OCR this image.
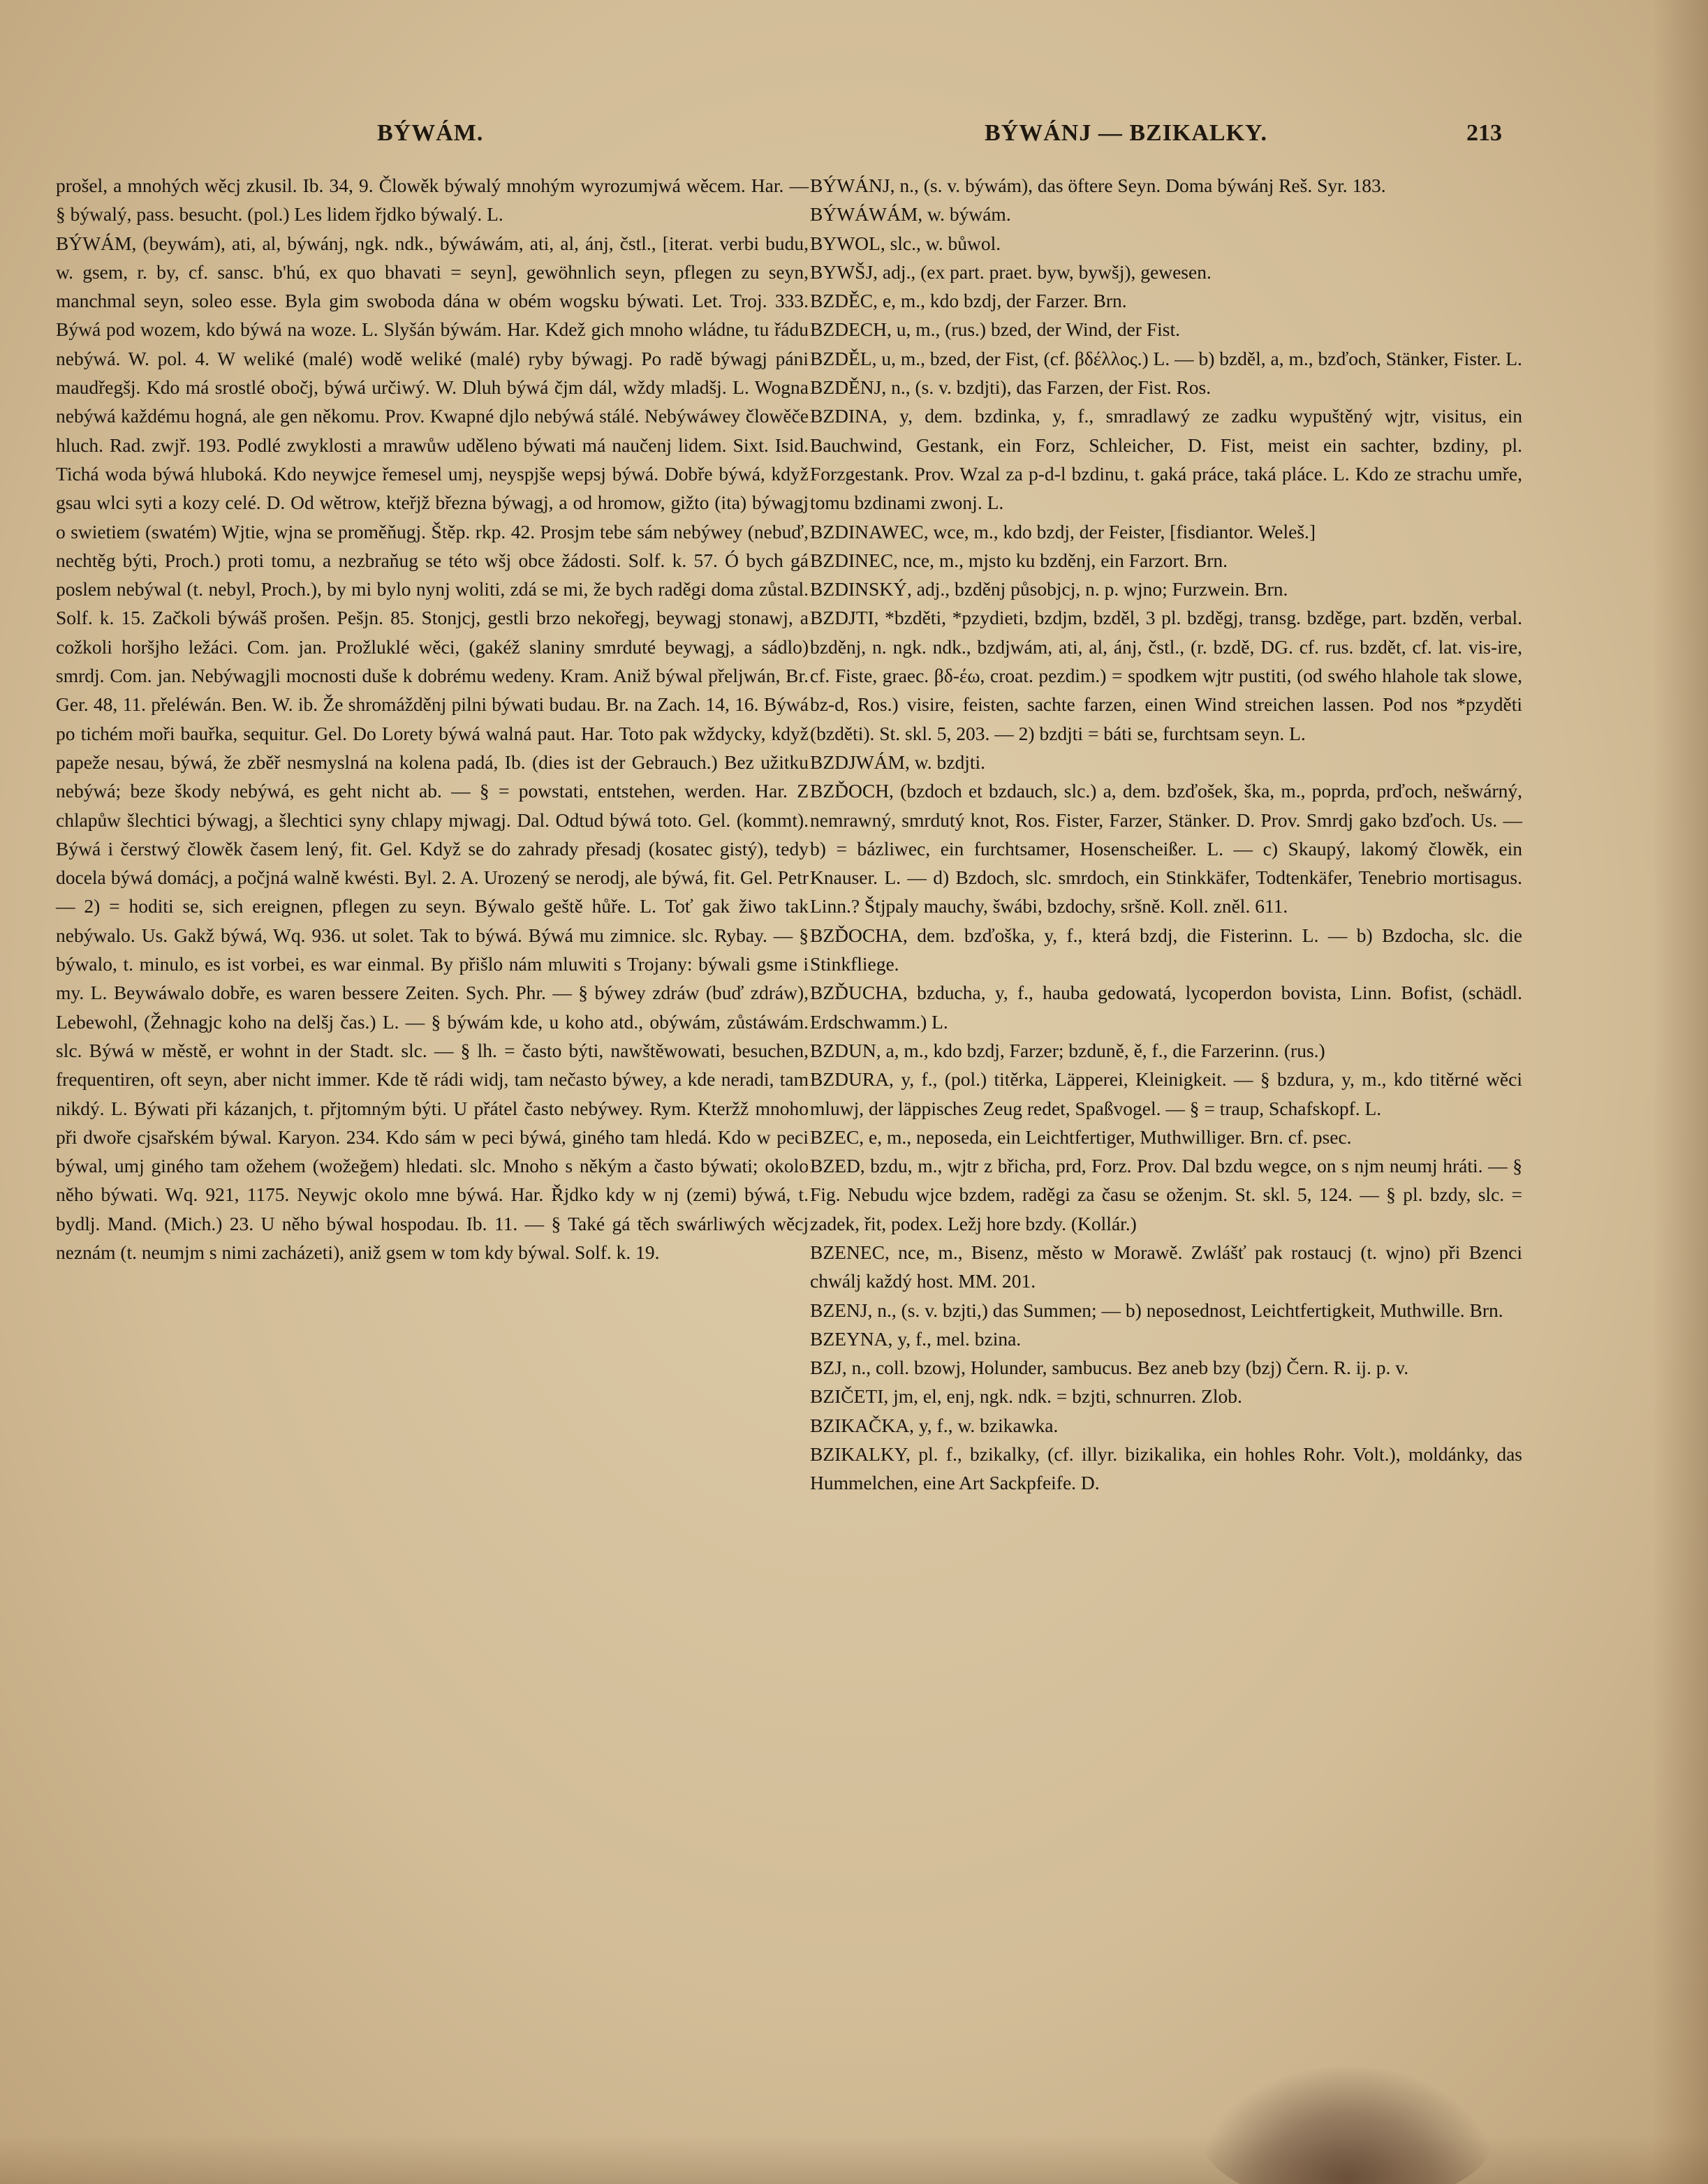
BÝWÁM.	BÝWÁNJ — BZIKALKY.	213

prošel, a mnohých wěcj zkusil. Ib. 34, 9. Člowěk býwalý mnohým wyrozumjwá wěcem. Har. — § býwalý, pass. besucht. (pol.) Les lidem řjdko býwalý. L.

BÝWÁM, (beywám), ati, al, býwánj, ngk. ndk., býwáwám, ati, al, ánj, čstl., [iterat. verbi budu, w. gsem, r. by, cf. sansc. b'hú, ex quo bhavati = seyn], gewöhnlich seyn, pflegen zu seyn, manchmal seyn, soleo esse. Byla gim swoboda dána w obém wogsku býwati. Let. Troj. 333. Býwá pod wozem, kdo býwá na woze. L. Slyšán býwám. Har. Kdež gich mnoho wládne, tu řádu nebýwá. W. pol. 4. W weliké (malé) wodě weliké (malé) ryby býwagj. Po radě býwagj páni maudřegšj. Kdo má srostlé obočj, býwá určiwý. W. Dluh býwá čjm dál, wždy mladšj. L. Wogna nebýwá každému hogná, ale gen někomu. Prov. Kwapné djlo nebýwá stálé. Nebýwáwey člowěče hluch. Rad. zwjř. 193. Podlé zwyklosti a mrawůw uděleno býwati má naučenj lidem. Sixt. Isid. Tichá woda býwá hluboká. Kdo neywjce řemesel umj, neyspjše wepsj býwá. Dobře býwá, když gsau wlci syti a kozy celé. D. Od wětrow, kteřjž března býwagj, a od hromow, gižto (ita) býwagj o swietiem (swatém) Wjtie, wjna se proměňugj. Štěp. rkp. 42. Prosjm tebe sám nebýwey (nebuď, nechtěg býti, Proch.) proti tomu, a nezbraňug se této wšj obce žádosti. Solf. k. 57. Ó bych gá poslem nebýwal (t. nebyl, Proch.), by mi bylo nynj woliti, zdá se mi, že bych raděgi doma zůstal. Solf. k. 15. Začkoli býwáš prošen. Pešjn. 85. Stonjcj, gestli brzo nekořegj, beywagj stonawj, a cožkoli horšjho ležáci. Com. jan. Prožluklé wěci, (gakéž slaniny smrduté beywagj, a sádlo) smrdj. Com. jan. Nebýwagjli mocnosti duše k dobrému wedeny. Kram. Aniž býwal přeljwán, Br. Ger. 48, 11. přeléwán. Ben. W. ib. Že shromážděnj pilni býwati budau. Br. na Zach. 14, 16. Býwá po tichém moři bauřka, sequitur. Gel. Do Lorety býwá walná paut. Har. Toto pak wždycky, když papeže nesau, býwá, že zběř nesmyslná na kolena padá, Ib. (dies ist der Gebrauch.) Bez užitku nebýwá; beze škody nebýwá, es geht nicht ab. — § = powstati, entstehen, werden. Har. Z chlapůw šlechtici býwagj, a šlechtici syny chlapy mjwagj. Dal. Odtud býwá toto. Gel. (kommt). Býwá i čerstwý člowěk časem lený, fit. Gel. Když se do zahrady přesadj (kosatec gistý), tedy docela býwá domácj, a počjná walně kwésti. Byl. 2. A. Urozený se nerodj, ale býwá, fit. Gel. Petr — 2) = hoditi se, sich ereignen, pflegen zu seyn. Býwalo geště hůře. L. Toť gak žiwo tak nebýwalo. Us. Gakž býwá, Wq. 936. ut solet. Tak to býwá. Býwá mu zimnice. slc. Rybay. — § býwalo, t. minulo, es ist vorbei, es war einmal. By přišlo nám mluwiti s Trojany: býwali gsme i my. L. Beywáwalo dobře, es waren bessere Zeiten. Sych. Phr. — § býwey zdráw (buď zdráw), Lebewohl, (Žehnagjc koho na delšj čas.) L. — § býwám kde, u koho atd., obýwám, zůstáwám. slc. Býwá w městě, er wohnt in der Stadt. slc. — § lh. = často býti, nawštěwowati, besuchen, frequentiren, oft seyn, aber nicht immer. Kde tě rádi widj, tam nečasto býwey, a kde neradi, tam nikdý. L. Býwati při kázanjch, t. přjtomným býti. U přátel často nebýwey. Rym. Kteržž mnoho při dwoře cjsařském býwal. Karyon. 234. Kdo sám w peci býwá, giného tam hledá. Kdo w peci býwal, umj giného tam ožehem (wožeğem) hledati. slc. Mnoho s někým a často býwati; okolo něho býwati. Wq. 921, 1175. Neywjc okolo mne býwá. Har. Řjdko kdy w nj (zemi) býwá, t. bydlj. Mand. (Mich.) 23. U něho býwal hospodau. Ib. 11. — § Také gá těch swárliwých wěcj neznám (t. neumjm s nimi zacházeti), aniž gsem w tom kdy býwal. Solf. k. 19.

BÝWÁNJ, n., (s. v. býwám), das öftere Seyn. Doma býwánj Reš. Syr. 183.

BÝWÁWÁM, w. býwám.

BYWOL, slc., w. bůwol.

BYWŠJ, adj., (ex part. praet. byw, bywšj), gewesen.

BZDĚC, e, m., kdo bzdj, der Farzer. Brn.

BZDECH, u, m., (rus.) bzed, der Wind, der Fist.

BZDĚL, u, m., bzed, der Fist, (cf. βδέλλος.) L. — b) bzděl, a, m., bzďoch, Stänker, Fister. L.

BZDĚNJ, n., (s. v. bzdjti), das Farzen, der Fist. Ros.

BZDINA, y, dem. bzdinka, y, f., smradlawý ze zadku wypuštěný wjtr, visitus, ein Bauchwind, Gestank, ein Forz, Schleicher, D. Fist, meist ein sachter, bzdiny, pl. Forzgestank. Prov. Wzal za p-d-l bzdinu, t. gaká práce, taká pláce. L. Kdo ze strachu umře, tomu bzdinami zwonj. L.

BZDINAWEC, wce, m., kdo bzdj, der Feister, [fisdiantor. Weleš.]

BZDINEC, nce, m., mjsto ku bzděnj, ein Farzort. Brn.

BZDINSKÝ, adj., bzděnj působjcj, n. p. wjno; Furzwein. Brn.

BZDJTI, *bzděti, *pzydieti, bzdjm, bzděl, 3 pl. bzděgj, transg. bzděge, part. bzděn, verbal. bzděnj, n. ngk. ndk., bzdjwám, ati, al, ánj, čstl., (r. bzdě, DG. cf. rus. bzdět, cf. lat. vis-ire, cf. Fiste, graec. βδ-έω, croat. pezdim.) = spodkem wjtr pustiti, (od swého hlahole tak slowe, bz-d, Ros.) visire, feisten, sachte farzen, einen Wind streichen lassen. Pod nos *pzyděti (bzděti). St. skl. 5, 203. — 2) bzdjti = báti se, furchtsam seyn. L.

BZDJWÁM, w. bzdjti.

BZĎOCH, (bzdoch et bzdauch, slc.) a, dem. bzďošek, ška, m., poprda, prďoch, nešwárný, nemrawný, smrdutý knot, Ros. Fister, Farzer, Stänker. D. Prov. Smrdj gako bzďoch. Us. — b) = bázliwec, ein furchtsamer, Hosenscheißer. L. — c) Skaupý, lakomý člowěk, ein Knauser. L. — d) Bzdoch, slc. smrdoch, ein Stinkkäfer, Todtenkäfer, Tenebrio mortisagus. Linn.? Štjpaly mauchy, šwábi, bzdochy, sršně. Koll. zněl. 611.

BZĎOCHA, dem. bzďoška, y, f., která bzdj, die Fisterinn. L. — b) Bzdocha, slc. die Stinkfliege.

BZĎUCHA, bzducha, y, f., hauba gedowatá, lycoperdon bovista, Linn. Bofist, (schädl. Erdschwamm.) L.

BZDUN, a, m., kdo bzdj, Farzer; bzduně, ě, f., die Farzerinn. (rus.)

BZDURA, y, f., (pol.) titěrka, Läpperei, Kleinigkeit. — § bzdura, y, m., kdo titěrné wěci mluwj, der läppisches Zeug redet, Spaßvogel. — § = traup, Schafskopf. L.

BZEC, e, m., neposeda, ein Leichtfertiger, Muthwilliger. Brn. cf. psec.

BZED, bzdu, m., wjtr z břicha, prd, Forz. Prov. Dal bzdu wegce, on s njm neumj hráti. — § Fig. Nebudu wjce bzdem, raděgi za času se oženjm. St. skl. 5, 124. — § pl. bzdy, slc. = zadek, řit, podex. Ležj hore bzdy. (Kollár.)

BZENEC, nce, m., Bisenz, město w Morawě. Zwlášť pak rostaucj (t. wjno) při Bzenci chwálj každý host. MM. 201.

BZENJ, n., (s. v. bzjti,) das Summen; — b) neposednost, Leichtfertigkeit, Muthwille. Brn.

BZEYNA, y, f., mel. bzina.

BZJ, n., coll. bzowj, Holunder, sambucus. Bez aneb bzy (bzj) Čern. R. ij. p. v.

BZIČETI, jm, el, enj, ngk. ndk. = bzjti, schnurren. Zlob.

BZIKAČKA, y, f., w. bzikawka.

BZIKALKY, pl. f., bzikalky, (cf. illyr. bizikalika, ein hohles Rohr. Volt.), moldánky, das Hummelchen, eine Art Sackpfeife. D.
